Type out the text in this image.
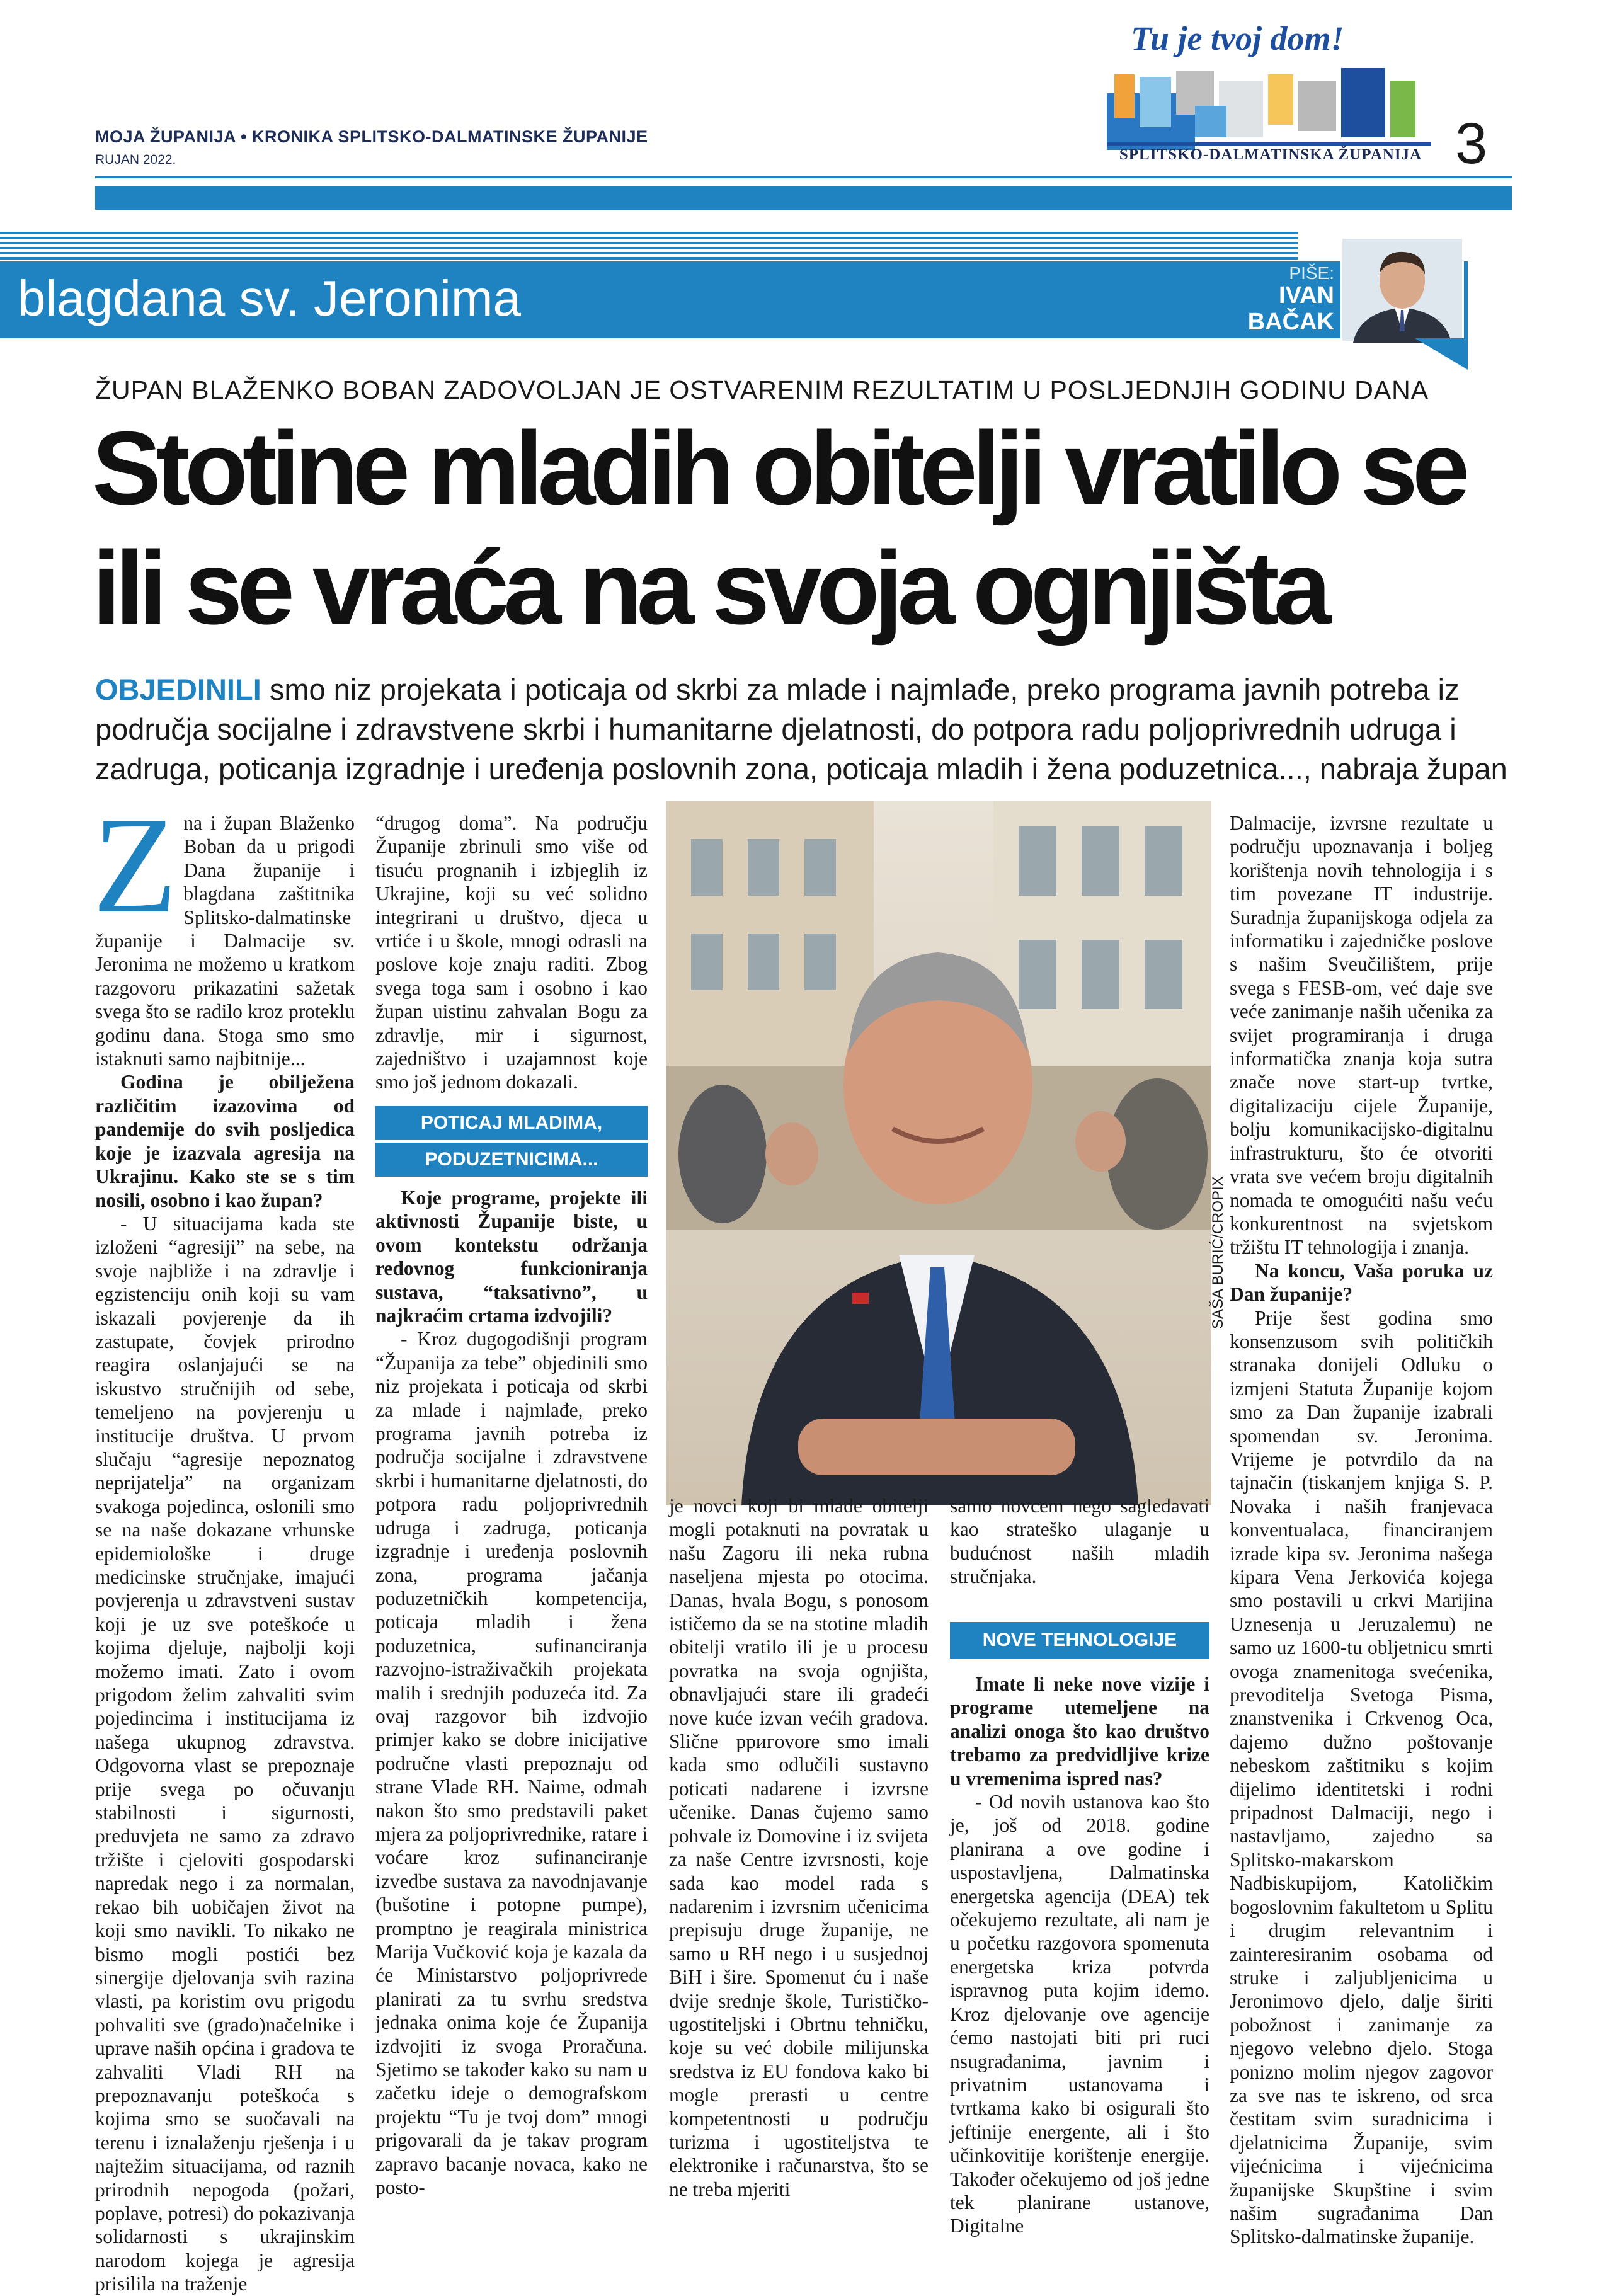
MOJA ŽUPANIJA • KRONIKA SPLITSKO-DALMATINSKE ŽUPANIJE
RUJAN 2022.	3
Tu je tvoj dom!
SPLITSKO-DALMATINSKA ŽUPANIJA
blagdana sv. Jeronima	PIŠE:
IVAN
BAČAK
ŽUPAN BLAŽENKO BOBAN ZADOVOLJAN JE OSTVARENIM REZULTATIM U POSLJEDNJIH GODINU DANA
Stotine mladih obitelji vratilo se ili se vraća na svoja ognjišta
OBJEDINILI smo niz projekata i poticaja od skrbi za mlade i najmlađe, preko programa javnih potreba iz područja socijalne i zdravstvene skrbi i humanitarne djelatnosti, do potpora radu poljoprivrednih udruga i zadruga, poticanja izgradnje i uređenja poslovnih zona, poticaja mladih i žena poduzetnica..., nabraja župan
Z na i župan Blaženko Boban da u prigodi Dana županije i blagdana zaštitnika Splitsko-dalmatinske županije i Dalmacije sv. Jeronima ne možemo u kratkom razgovoru prikazatini sažetak svega što se radilo kroz proteklu godinu dana. Stoga smo smo istaknuti samo najbitnije...

Godina je obilježena različitim izazovima od pandemije do svih posljedica koje je izazvala agresija na Ukrajinu. Kako ste se s tim nosili, osobno i kao župan?

- U situacijama kada ste izloženi “agresiji” na sebe, na svoje najbliže i na zdravlje i egzistenciju onih koji su vam iskazali povjerenje da ih zastupate, čovjek prirodno reagira oslanjajući se na iskustvo stručnijih od sebe, temeljeno na povjerenju u institucije društva. U prvom slučaju “agresije nepoznatog neprijatelja” na organizam svakoga pojedinca, oslonili smo se na naše dokazane vrhunske epidemiološke i druge medicinske stručnjake, imajući povjerenja u zdravstveni sustav koji je uz sve poteškoće u kojima djeluje, najbolji koji možemo imati. Zato i ovom prigodom želim zahvaliti svim pojedincima i institucijama iz našega ukupnog zdravstva. Odgovorna vlast se prepoznaje prije svega po očuvanju stabilnosti i sigurnosti, preduvjeta ne samo za zdravo tržište i cjeloviti gospodarski napredak nego i za normalan, rekao bih uobičajen život na koji smo navikli. To nikako ne bismo mogli postići bez sinergije djelovanja svih razina vlasti, pa koristim ovu prigodu pohvaliti sve (grado)načelnike i uprave naših općina i gradova te zahvaliti Vladi RH na prepoznavanju poteškoća s kojima smo se suočavali na terenu i iznalaženju rješenja i u najtežim situacijama, od raznih prirodnih nepogoda (požari, poplave, potresi) do pokazivanja solidarnosti s ukrajinskim narodom kojega je agresija prisilila na traženje

“drugog doma”. Na području Županije zbrinuli smo više od tisuću prognanih i izbjeglih iz Ukrajine, koji su već solidno integrirani u društvo, djeca u vrtiće i u škole, mnogi odrasli na poslove koje znaju raditi. Zbog svega toga sam i osobno i kao župan uistinu zahvalan Bogu za zdravlje, mir i sigurnost, zajedništvo i uzajamnost koje smo još jednom dokazali.

POTICAJ MLADIMA,
PODUZETNICIMA...

Koje programe, projekte ili aktivnosti Županije biste, u ovom kontekstu održanja redovnog funkcioniranja sustava, “taksativno”, u najkraćim crtama izdvojili?

- Kroz dugogodišnji program “Županija za tebe” objedinili smo niz projekata i poticaja od skrbi za mlade i najmlađe, preko programa javnih potreba iz područja socijalne i zdravstvene skrbi i humanitarne djelatnosti, do potpora radu poljoprivrednih udruga i zadruga, poticanja izgradnje i uređenja poslovnih zona, programa jačanja poduzetničkih kompetencija, poticaja mladih i žena poduzetnica, sufinanciranja razvojno-istraživačkih projekata malih i srednjih poduzeća itd. Za ovaj razgovor bih izdvojio primjer kako se dobre inicijative područne vlasti prepoznaju od strane Vlade RH. Naime, odmah nakon što smo predstavili paket mjera za poljoprivrednike, ratare i voćare kroz sufinanciranje izvedbe sustava za navodnjavanje (bušotine i potopne pumpe), promptno je reagirala ministrica Marija Vučković koja je kazala da će Ministarstvo poljoprivrede planirati za tu svrhu sredstva jednaka onima koje će Županija izdvojiti iz svoga Proračuna. Sjetimo se također kako su nam u začetku ideje o demografskom projektu “Tu je tvoj dom” mnogi prigovarali da je takav program zapravo bacanje novaca, kako ne posto-

SAŠA BURIĆ/CROPIX

je novci koji bi mlade obitelji mogli potaknuti na povratak u našu Zagoru ili neka rubna naseljena mjesta po otocima. Danas, hvala Bogu, s ponosom ističemo da se na stotine mladih obitelji vratilo ili je u procesu povratka na svoja ognjišta, obnavljajući stare ili gradeći nove kuće izvan većih gradova. Slične pригovore smo imali kada smo odlučili sustavno poticati nadarene i izvrsne učenike. Danas čujemo samo pohvale iz Domovine i iz svijeta za naše Centre izvrsnosti, koje sada kao model rada s nadarenim i izvrsnim učenicima prepisuju druge županije, ne samo u RH nego i u susjednoj BiH i šire. Spomenut ću i naše dvije srednje škole, Turističko-ugostiteljski i Obrtnu tehničku, koje su već dobile milijunska sredstva iz EU fondova kako bi mogle prerasti u centre kompetentnosti u području turizma i ugostiteljstva te elektronike i računarstva, što se ne treba mjeriti

samo novcem nego sagledavati kao strateško ulaganje u budućnost naših mladih stručnjaka.

NOVE TEHNOLOGIJE

Imate li neke nove vizije i programe utemeljene na analizi onoga što kao društvo trebamo za predvidljive krize u vremenima ispred nas?

- Od novih ustanova kao što je, još od 2018. godine planirana a ove godine i uspostavljena, Dalmatinska energetska agencija (DEA) tek očekujemo rezultate, ali nam je u početku razgovora spomenuta energetska kriza potvrda ispravnog puta kojim idemo. Kroz djelovanje ove agencije ćemo nastojati biti pri ruci nsugrađanima, javnim i privatnim ustanovama i tvrtkama kako bi osigurali što jeftinije energente, ali i što učinkovitije korištenje energije. Također očekujemo od još jedne tek planirane ustanove, Digitalne

Dalmacije, izvrsne rezultate u području upoznavanja i boljeg korištenja novih tehnologija i s tim povezane IT industrije. Suradnja županijskoga odjela za informatiku i zajedničke poslove s našim Sveučilištem, prije svega s FESB-om, već daje sve veće zanimanje naših učenika za svijet programiranja i druga informatička znanja koja sutra znače nove start-up tvrtke, digitalizaciju cijele Županije, bolju komunikacijsko-digitalnu infrastrukturu, što će otvoriti vrata sve većem broju digitalnih nomada te omogućiti našu veću konkurentnost na svjetskom tržištu IT tehnologija i znanja.

Na koncu, Vaša poruka uz Dan županije?

Prije šest godina smo konsenzusom svih političkih stranaka donijeli Odluku o izmjeni Statuta Županije kojom smo za Dan županije izabrali spomendan sv. Jeronima. Vrijeme je potvrdilo da na tajnačin (tiskanjem knjiga S. P. Novaka i naših franjevaca konventualaca, financiranjem izrade kipa sv. Jeronima našega kipara Vena Jerkovića kojega smo postavili u crkvi Marijina Uznesenja u Jeruzalemu) ne samo uz 1600-tu obljetnicu smrti ovoga znamenitoga svećenika, prevoditelja Svetoga Pisma, znanstvenika i Crkvenog Oca, dajemo dužno poštovanje nebeskom zaštitniku s kojim dijelimo identitetski i rodni pripadnost Dalmaciji, nego i nastavljamo, zajedno sa Splitsko-makarskom Nadbiskupijom, Katoličkim bogoslovnim fakultetom u Splitu i drugim relevantnim i zainteresiranim osobama od struke i zaljubljenicima u Jeronimovo djelo, dalje širiti pobožnost i zanimanje za njegovo velebno djelo. Stoga ponizno molim njegov zagovor za sve nas te iskreno, od srca čestitam svim suradnicima i djelatnicima Županije, svim vijećnicima i vijećnicima županijske Skupštine i svim našim sugrađanima Dan Splitsko-dalmatinske županije.
